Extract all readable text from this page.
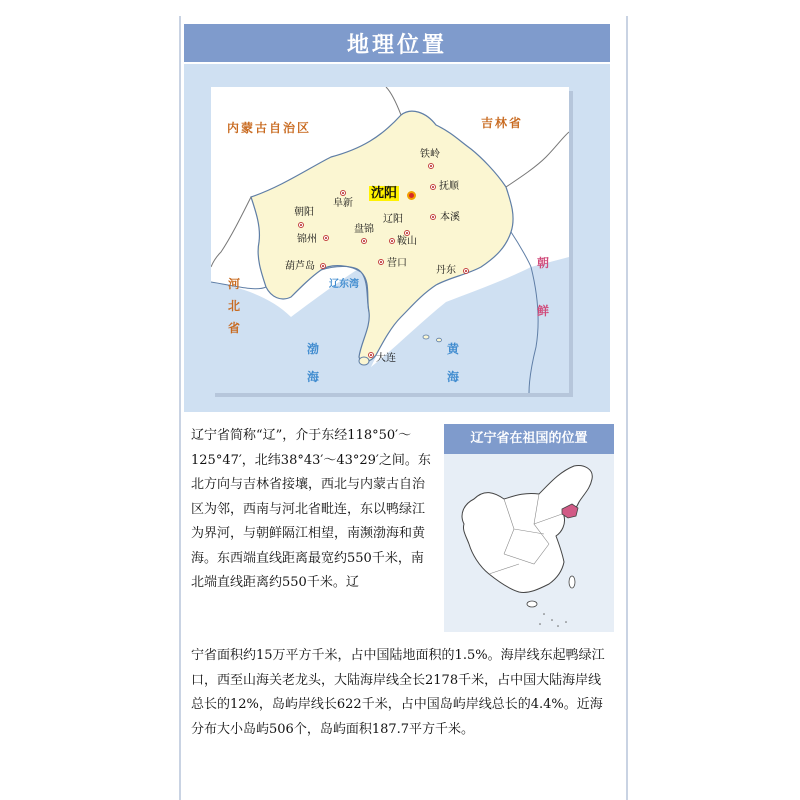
地理位置
内蒙古自治区	吉林省
河北省
朝鲜
渤海
黄海
辽东湾
沈阳
铁岭
抚顺
阜新
朝阳
辽阳	本溪
盘锦
锦州	鞍山
葫芦岛	营口
丹东
大连
辽宁省简称“辽”，介于东经118°50′～125°47′，北纬38°43′～43°29′之间。东北方向与吉林省接壤，西北与内蒙古自治区为邻，西南与河北省毗连，东以鸭绿江为界河，与朝鲜隔江相望，南濒渤海和黄海。东西端直线距离最宽约550千米，南北端直线距离约550千米。辽
辽宁省在祖国的位置
宁省面积约15万平方千米，占中国陆地面积的1.5%。海岸线东起鸭绿江口，西至山海关老龙头，大陆海岸线全长2178千米，占中国大陆海岸线总长的12%，岛屿岸线长622千米，占中国岛屿岸线总长的4.4%。近海分布大小岛屿506个，岛屿面积187.7平方千米。
